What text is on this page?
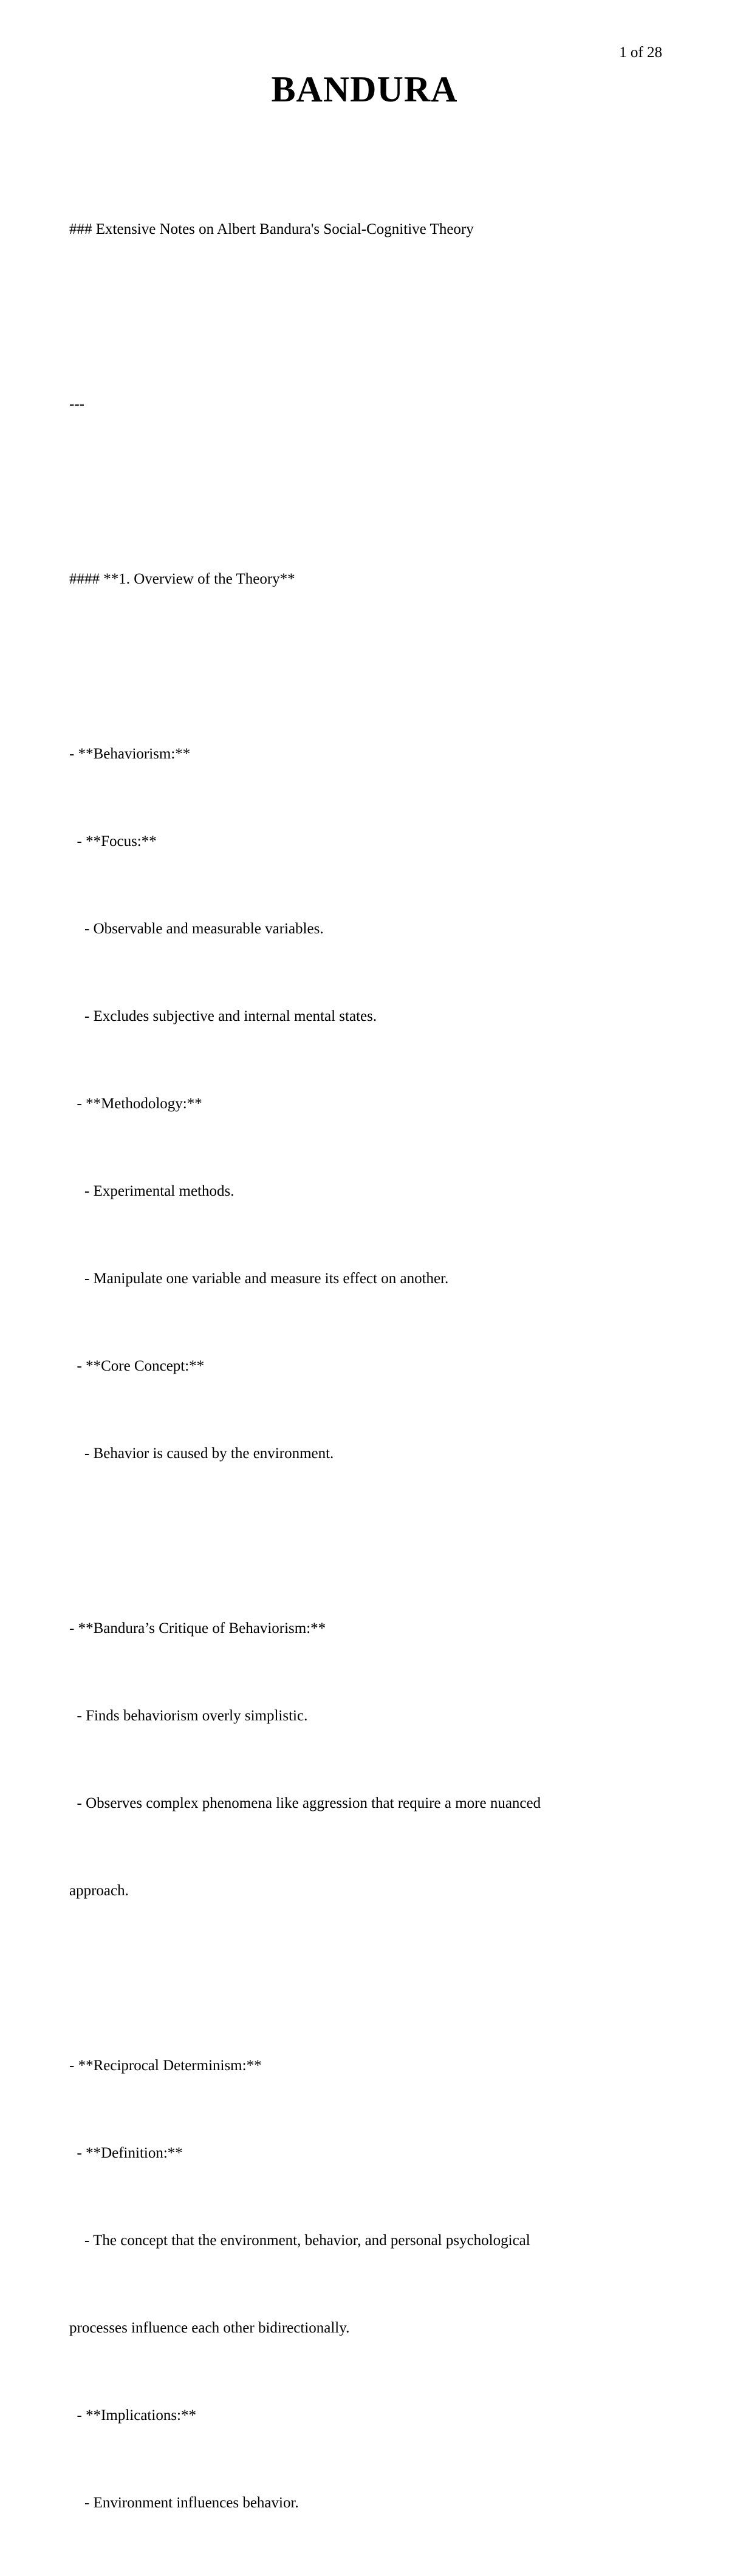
1 of 28
BANDURA

### Extensive Notes on Albert Bandura's Social-Cognitive Theory

---

#### **1. Overview of the Theory**

- **Behaviorism:**

- **Focus:**

- Observable and measurable variables.

- Excludes subjective and internal mental states.

- **Methodology:**

- Experimental methods.

- Manipulate one variable and measure its effect on another.

- **Core Concept:**

- Behavior is caused by the environment.

- **Bandura’s Critique of Behaviorism:**

- Finds behaviorism overly simplistic.

- Observes complex phenomena like aggression that require a more nuanced

approach.

- **Reciprocal Determinism:**

- **Definition:**

- The concept that the environment, behavior, and personal psychological

processes influence each other bidirectionally.

- **Implications:**

- Environment influences behavior.
